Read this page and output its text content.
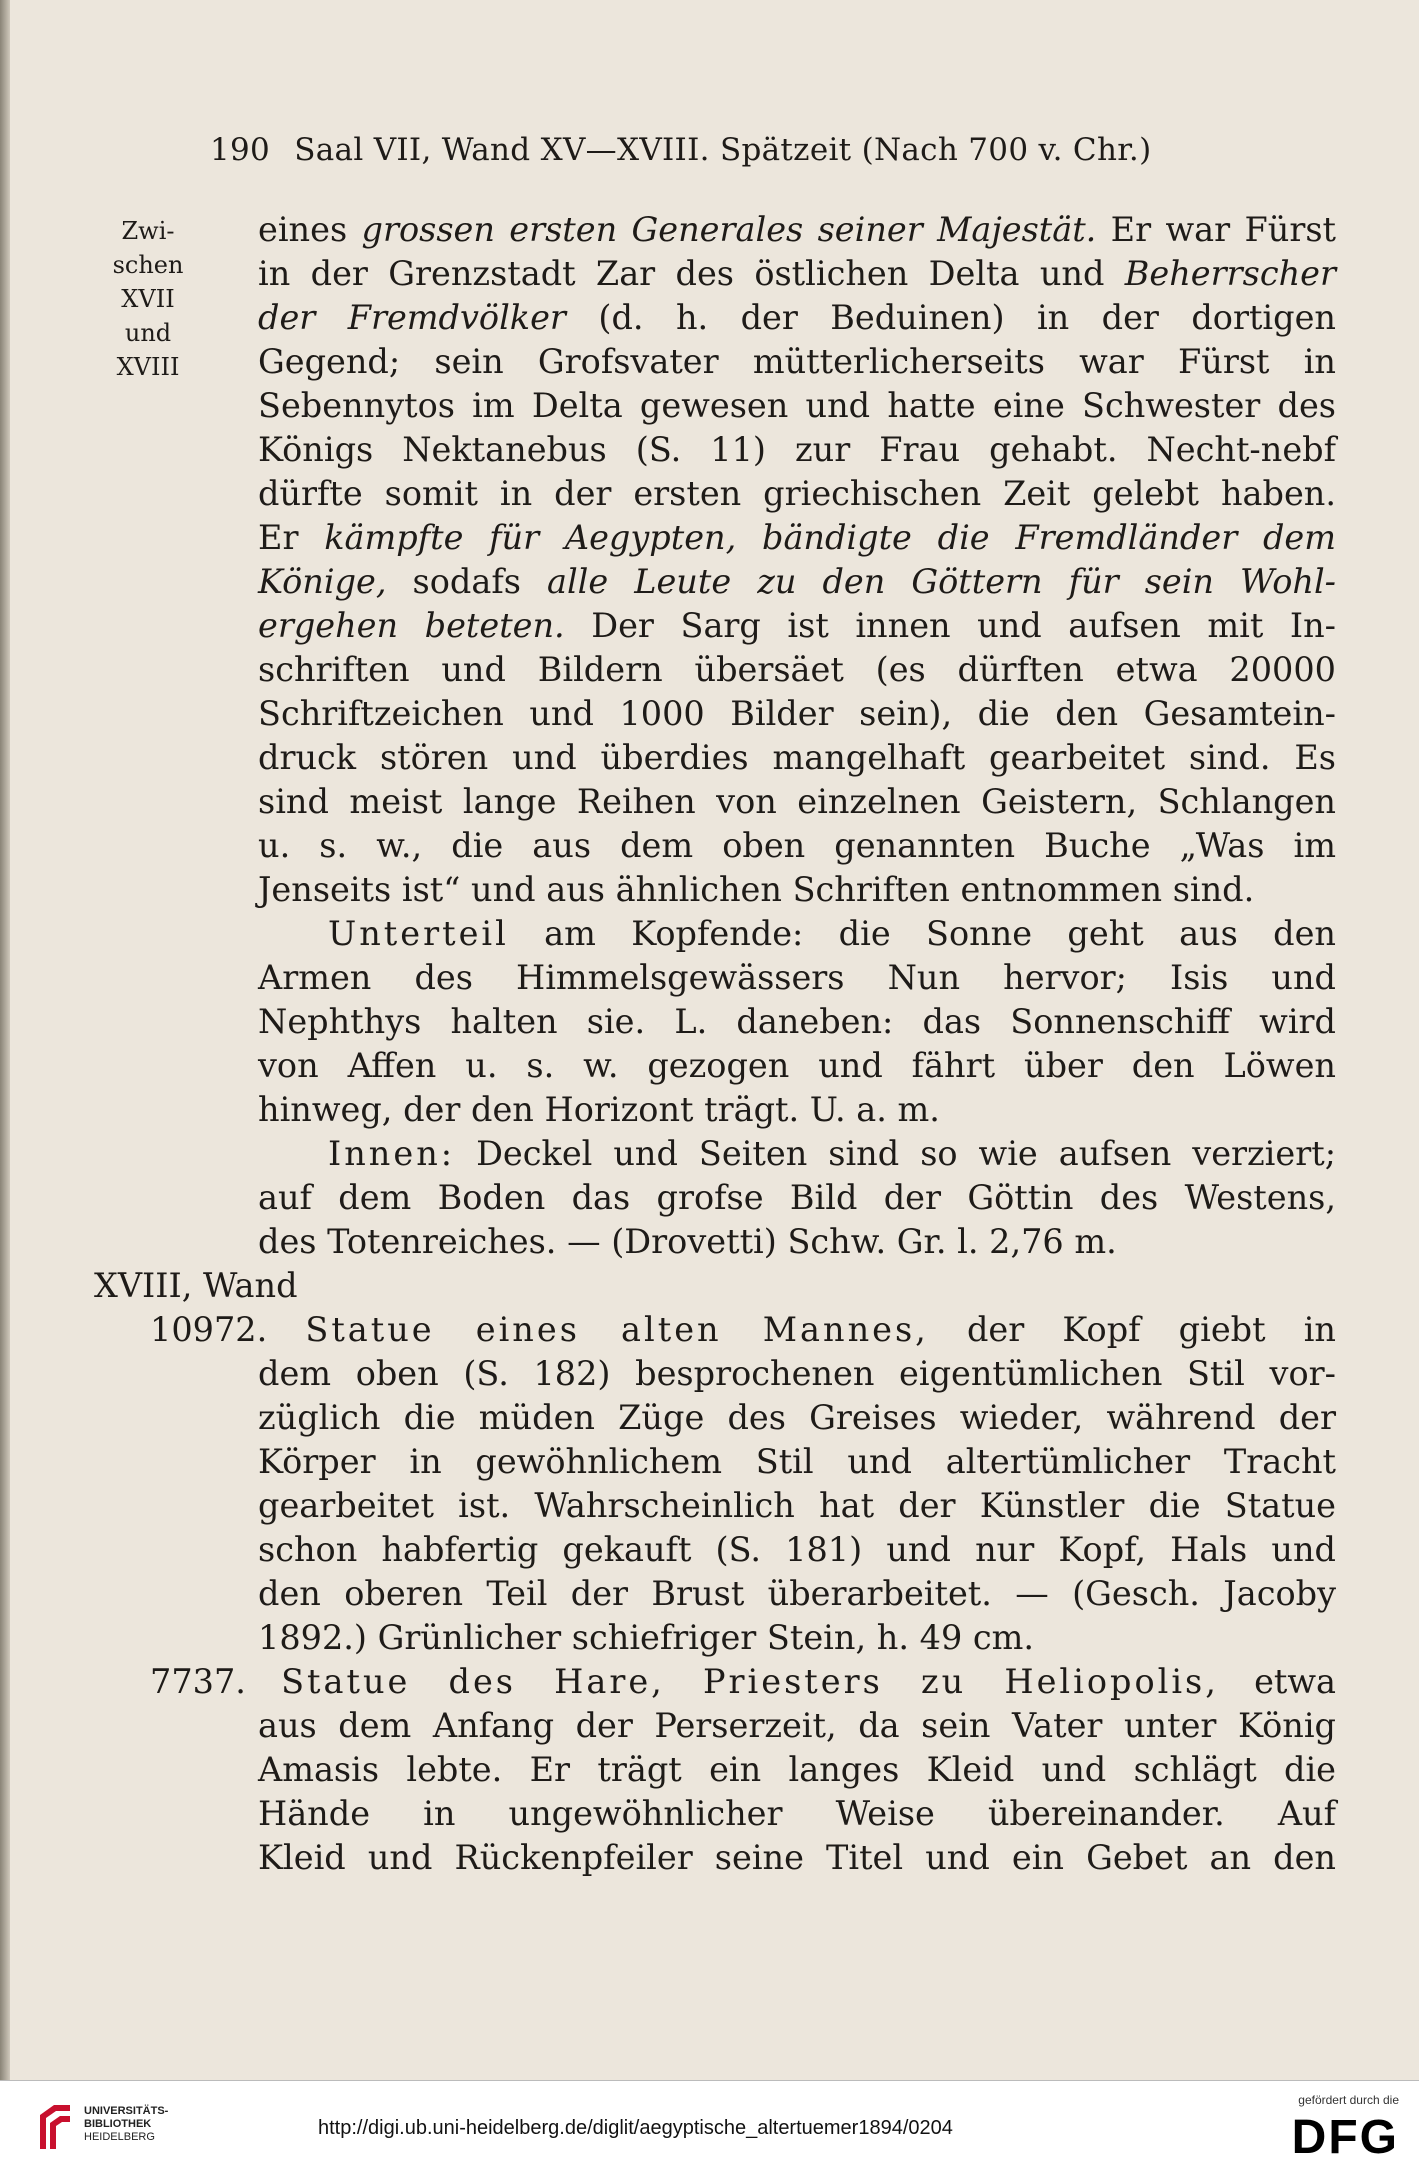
190 Saal VII, Wand XV—XVIII. Spätzeit (Nach 700 v. Chr.)
Zwi-
schen
XVII
und
XVIII
eines grossen ersten Generales seiner Majestät. Er war Fürst
in der Grenzstadt Zar des östlichen Delta und Beherrscher
der Fremdvölker (d. h. der Beduinen) in der dortigen
Gegend; sein Grofsvater mütterlicherseits war Fürst in
Sebennytos im Delta gewesen und hatte eine Schwester des
Königs Nektanebus (S. 11) zur Frau gehabt. Necht-nebf
dürfte somit in der ersten griechischen Zeit gelebt haben.
Er kämpfte für Aegypten, bändigte die Fremdländer dem
Könige, sodafs alle Leute zu den Göttern für sein Wohl-
ergehen beteten. Der Sarg ist innen und aufsen mit In-
schriften und Bildern übersäet (es dürften etwa 20000
Schriftzeichen und 1000 Bilder sein), die den Gesamtein-
druck stören und überdies mangelhaft gearbeitet sind. Es
sind meist lange Reihen von einzelnen Geistern, Schlangen
u. s. w., die aus dem oben genannten Buche „Was im
Jenseits ist“ und aus ähnlichen Schriften entnommen sind.
Unterteil am Kopfende: die Sonne geht aus den
Armen des Himmelsgewässers Nun hervor; Isis und
Nephthys halten sie. L. daneben: das Sonnenschiff wird
von Affen u. s. w. gezogen und fährt über den Löwen
hinweg, der den Horizont trägt. U. a. m.
Innen: Deckel und Seiten sind so wie aufsen verziert;
auf dem Boden das grofse Bild der Göttin des Westens,
des Totenreiches. — (Drovetti) Schw. Gr. l. 2,76 m.
XVIII, Wand
10972. Statue eines alten Mannes, der Kopf giebt in
dem oben (S. 182) besprochenen eigentümlichen Stil vor-
züglich die müden Züge des Greises wieder, während der
Körper in gewöhnlichem Stil und altertümlicher Tracht
gearbeitet ist. Wahrscheinlich hat der Künstler die Statue
schon habfertig gekauft (S. 181) und nur Kopf, Hals und
den oberen Teil der Brust überarbeitet. — (Gesch. Jacoby
1892.) Grünlicher schiefriger Stein, h. 49 cm.
7737. Statue des Hare, Priesters zu Heliopolis, etwa
aus dem Anfang der Perserzeit, da sein Vater unter König
Amasis lebte. Er trägt ein langes Kleid und schlägt die
Hände in ungewöhnlicher Weise übereinander. Auf
Kleid und Rückenpfeiler seine Titel und ein Gebet an den
UNIVERSITÄTS-
BIBLIOTHEK
HEIDELBERG	http://digi.ub.uni-heidelberg.de/diglit/aegyptische_altertuemer1894/0204
gefördert durch die
DFG
